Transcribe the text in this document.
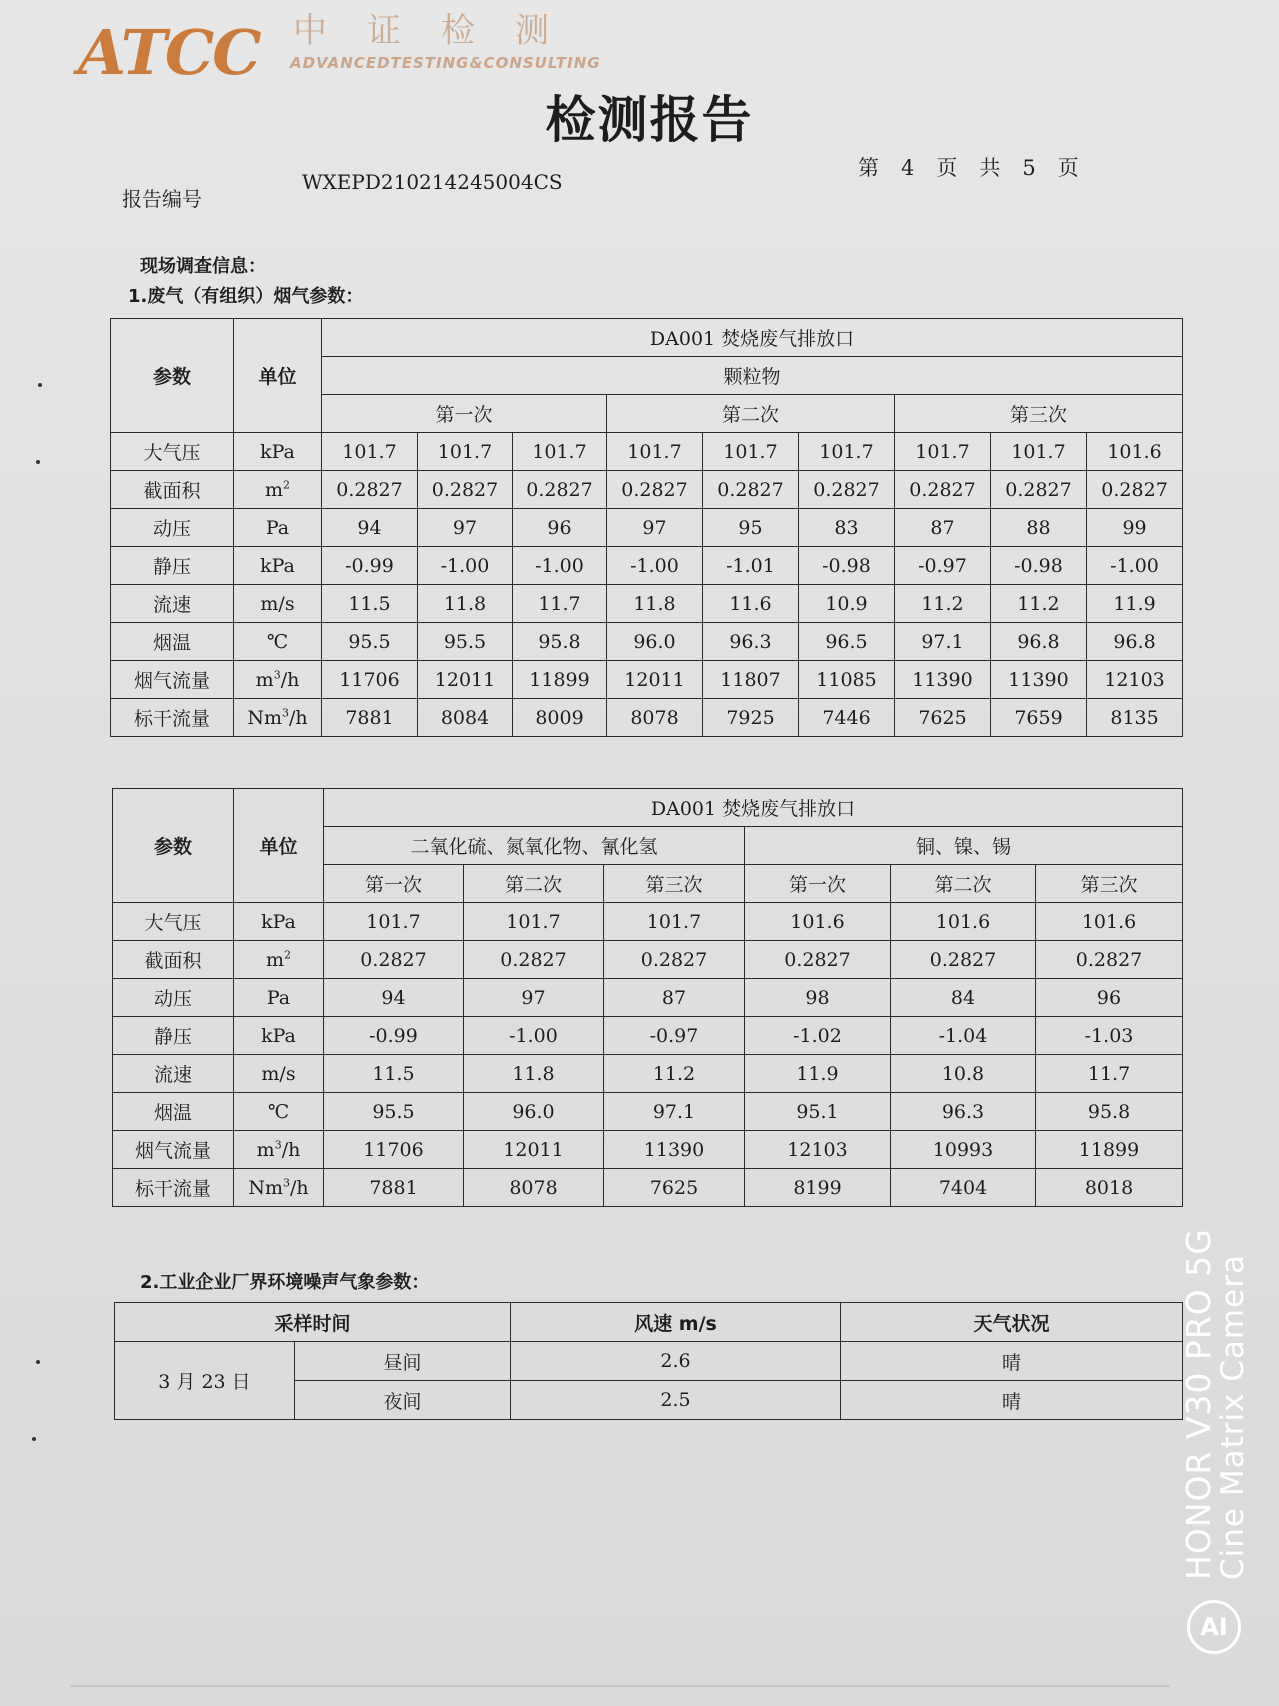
ATCC 中证检测
ADVANCEDTESTING&CONSULTING
检测报告
报告编号
WXEPD210214245004CS
第 4 页 共 5 页
现场调查信息：
1.废气（有组织）烟气参数：
参数	单位	DA001 焚烧废气排放口								
		颗粒物								
		第一次			第二次			第三次		
大气压	kPa	101.7	101.7	101.7	101.7	101.7	101.7	101.7	101.7	101.6
截面积	$m^2$	0.2827	0.2827	0.2827	0.2827	0.2827	0.2827	0.2827	0.2827	0.2827
动压	Pa	94	97	96	97	95	83	87	88	99
静压	kPa	-0.99	-1.00	-1.00	-1.00	-1.01	-0.98	-0.97	-0.98	-1.00
流速	m/s	11.5	11.8	11.7	11.8	11.6	10.9	11.2	11.2	11.9
烟温	℃	95.5	95.5	95.8	96.0	96.3	96.5	97.1	96.8	96.8
烟气流量	$m^3/h$	11706	12011	11899	12011	11807	11085	11390	11390	12103
标干流量	Nm$^3$/h	7881	8084	8009	8078	7925	7446	7625	7659	8135
参数	单位	DA001 焚烧废气排放口					
		二氧化硫、氮氧化物、氰化氢			铜、镍、锡		
		第一次	第二次	第三次	第一次	第二次	第三次
大气压	kPa	101.7	101.7	101.7	101.6	101.6	101.6
截面积	$m^2$	0.2827	0.2827	0.2827	0.2827	0.2827	0.2827
动压	Pa	94	97	87	98	84	96
静压	kPa	-0.99	-1.00	-0.97	-1.02	-1.04	-1.03
流速	m/s	11.5	11.8	11.2	11.9	10.8	11.7
烟温	℃	95.5	96.0	97.1	95.1	96.3	95.8
烟气流量	$m^3/h$	11706	12011	11390	12103	10993	11899
标干流量	Nm$^3$/h	7881	8078	7625	8199	7404	8018
2.工业企业厂界环境噪声气象参数：
采样时间		风速 m/s	天气状况
3 月 23 日	昼间	2.6	晴
	夜间	2.5	晴	HONOR V30 PRO 5G
Cine Matrix Camera
AI
